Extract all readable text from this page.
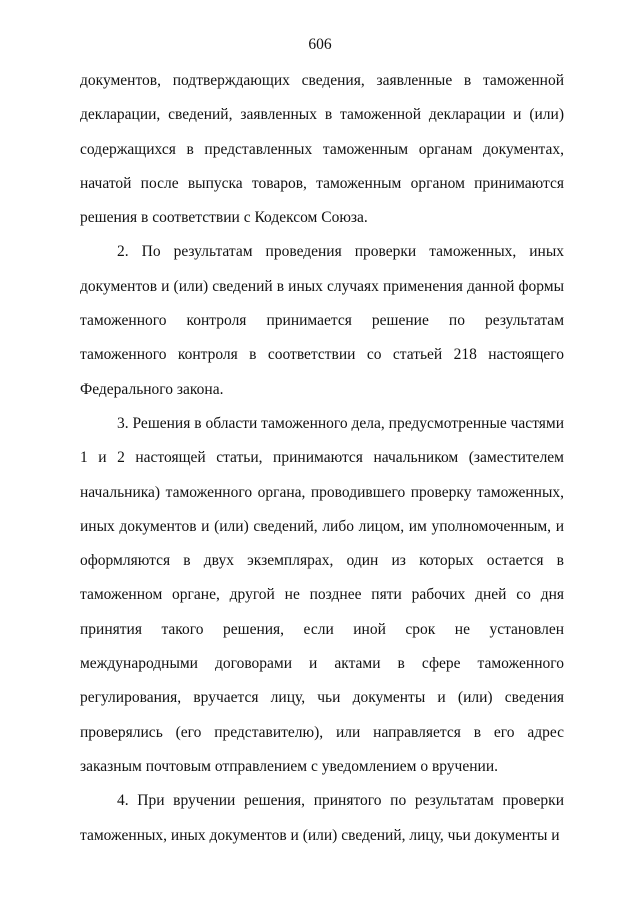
606

документов, подтверждающих сведения, заявленные в таможенной декларации, сведений, заявленных в таможенной декларации и (или) содержащихся в представленных таможенным органам документах, начатой после выпуска товаров, таможенным органом принимаются решения в соответствии с Кодексом Союза.

2. По результатам проведения проверки таможенных, иных документов и (или) сведений в иных случаях применения данной формы таможенного контроля принимается решение по результатам таможенного контроля в соответствии со статьей 218 настоящего Федерального закона.

3. Решения в области таможенного дела, предусмотренные частями 1 и 2 настоящей статьи, принимаются начальником (заместителем начальника) таможенного органа, проводившего проверку таможенных, иных документов и (или) сведений, либо лицом, им уполномоченным, и оформляются в двух экземплярах, один из которых остается в таможенном органе, другой не позднее пяти рабочих дней со дня принятия такого решения, если иной срок не установлен международными договорами и актами в сфере таможенного регулирования, вручается лицу, чьи документы и (или) сведения проверялись (его представителю), или направляется в его адрес заказным почтовым отправлением с уведомлением о вручении.

4. При вручении решения, принятого по результатам проверки таможенных, иных документов и (или) сведений, лицу, чьи документы и
